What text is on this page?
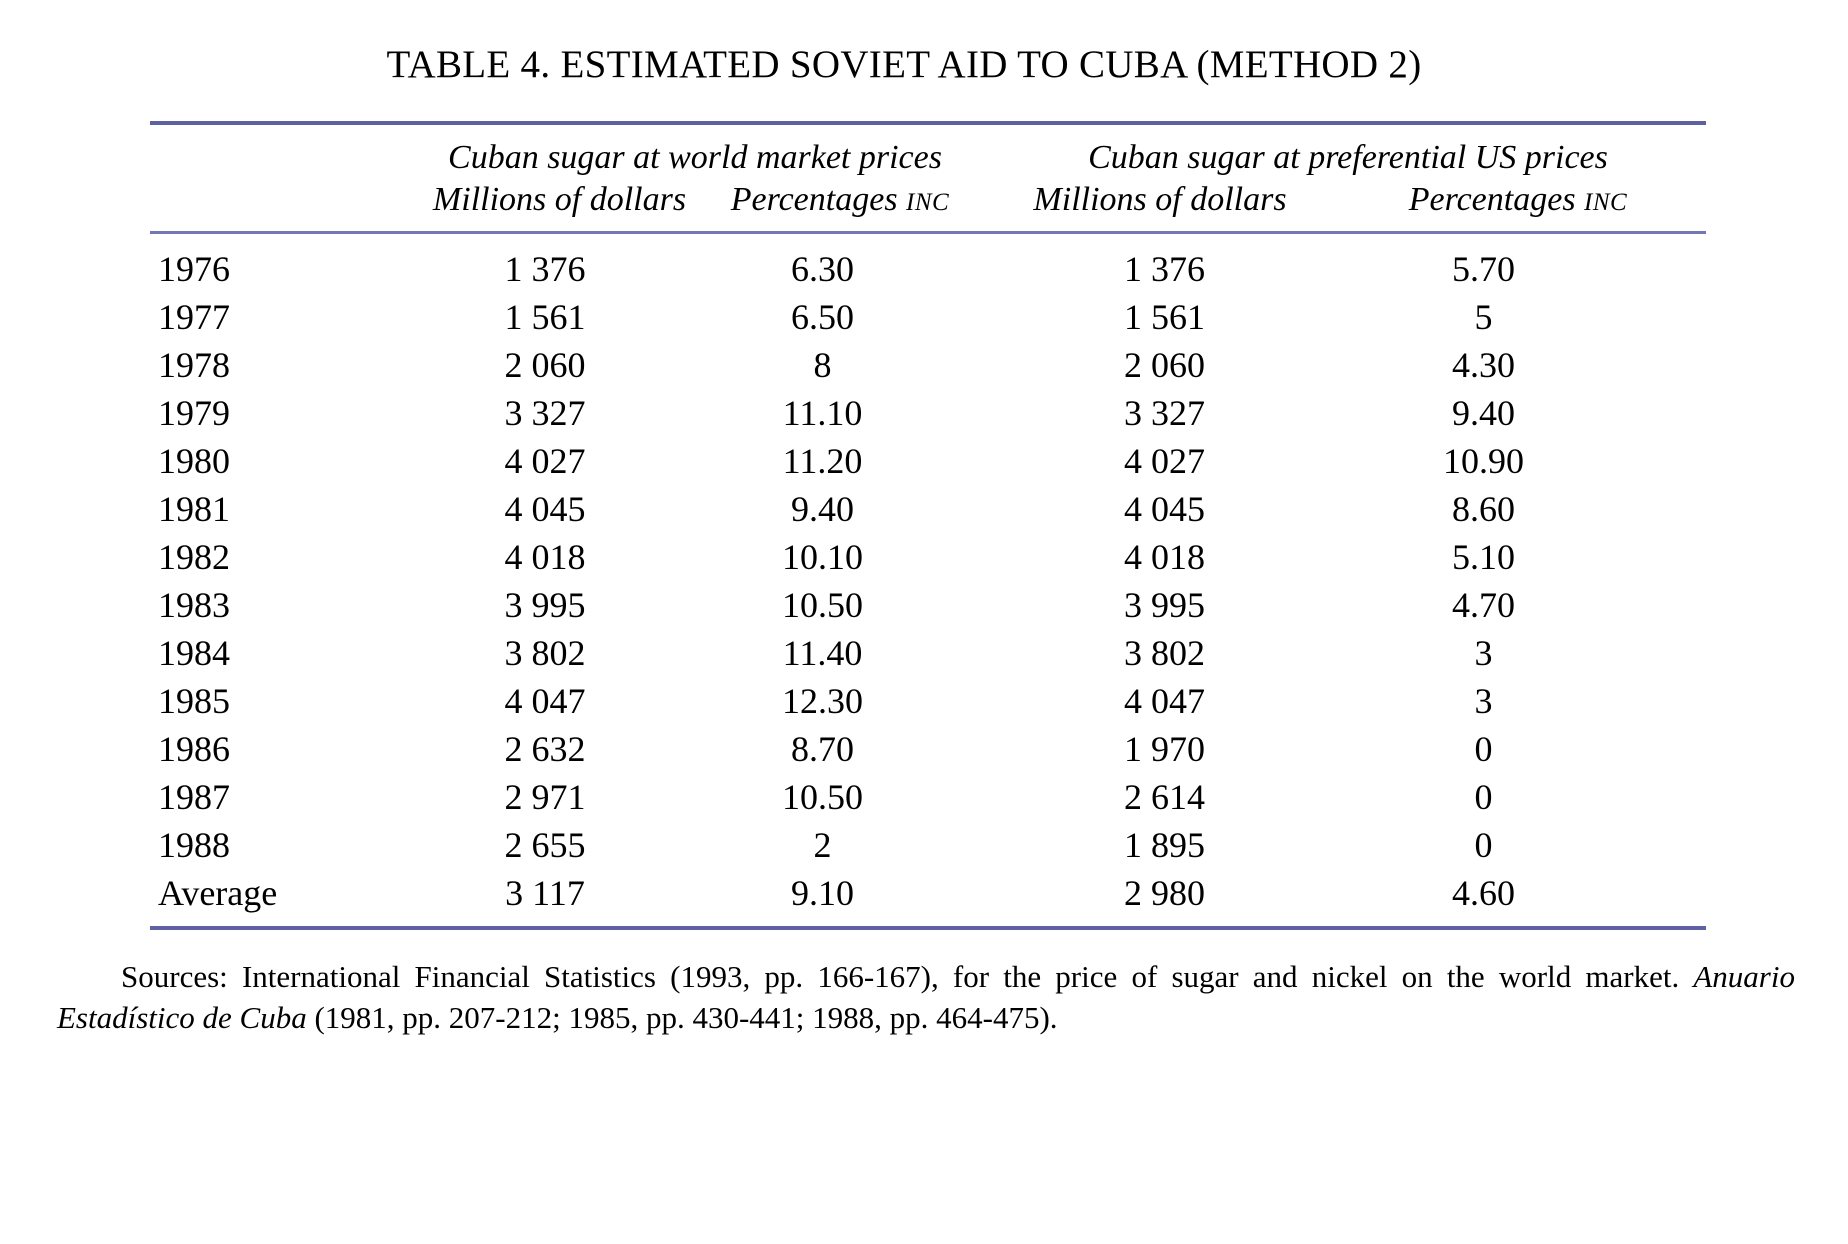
TABLE 4. ESTIMATED SOVIET AID TO CUBA (METHOD 2)

	Cuban sugar at world market prices		Cuban sugar at preferential US prices	
	Millions of dollars	Percentages INC	Millions of dollars	Percentages INC

1976	1 376	6.30	1 376	5.70
1977	1 561	6.50	1 561	5
1978	2 060	8	2 060	4.30
1979	3 327	11.10	3 327	9.40
1980	4 027	11.20	4 027	10.90
1981	4 045	9.40	4 045	8.60
1982	4 018	10.10	4 018	5.10
1983	3 995	10.50	3 995	4.70
1984	3 802	11.40	3 802	3
1985	4 047	12.30	4 047	3
1986	2 632	8.70	1 970	0
1987	2 971	10.50	2 614	0
1988	2 655	2	1 895	0
Average	3 117	9.10	2 980	4.60

Sources: International Financial Statistics (1993, pp. 166-167), for the price of sugar and nickel on the world market. Anuario Estadístico de Cuba (1981, pp. 207-212; 1985, pp. 430-441; 1988, pp. 464-475).
